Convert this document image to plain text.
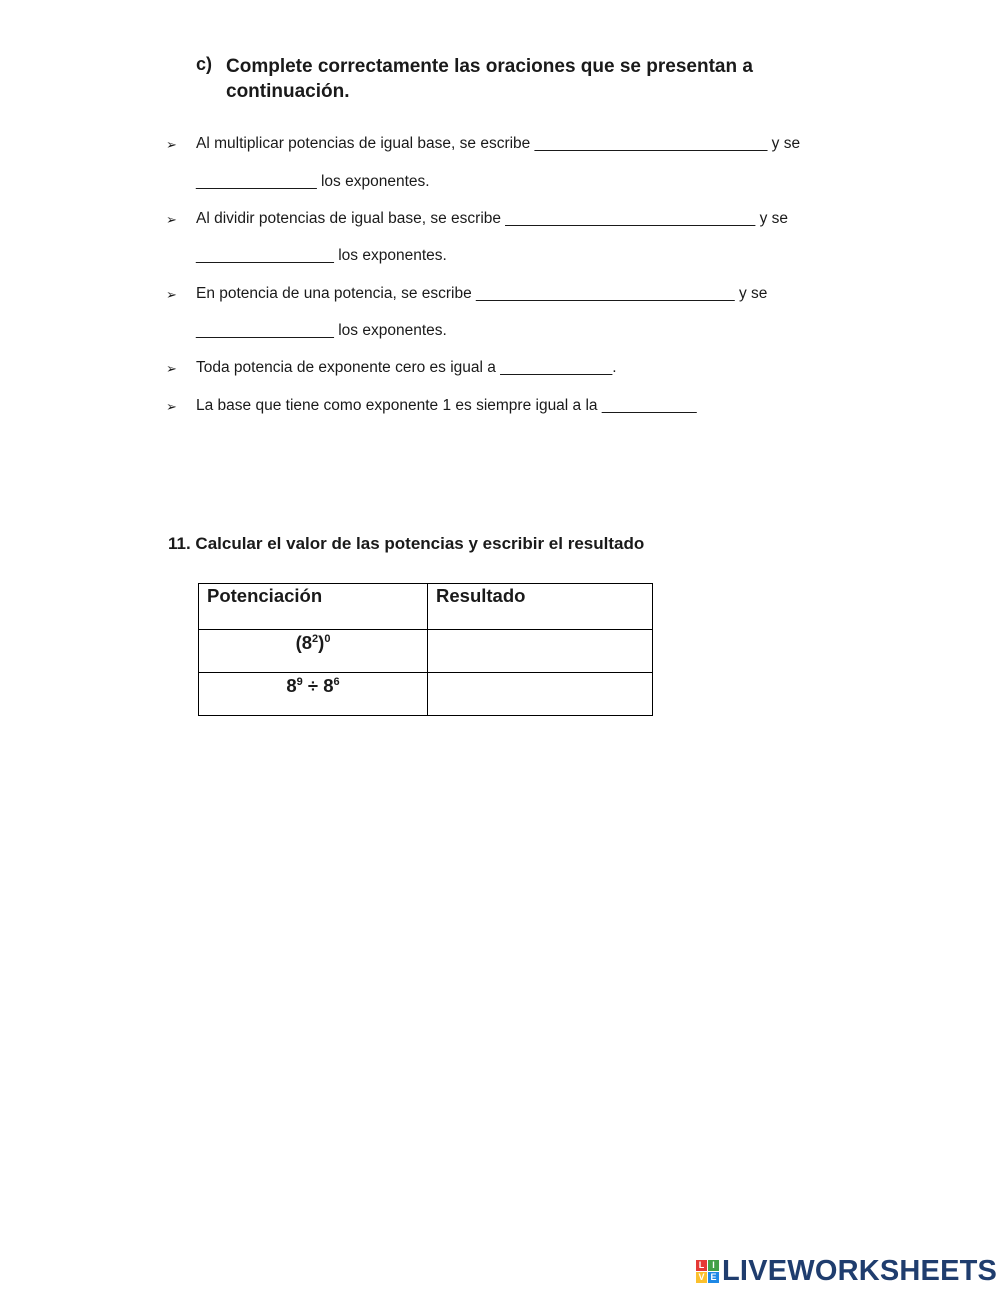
c) Complete correctamente las oraciones que se presentan a continuación.
➢ Al multiplicar potencias de igual base, se escribe ___________________________ y se
______________ los exponentes.
➢ Al dividir potencias de igual base, se escribe _____________________________ y se
________________ los exponentes.
➢ En potencia de una potencia, se escribe ______________________________ y se
________________ los exponentes.
➢ Toda potencia de exponente cero es igual a _____________.
➢ La base que tiene como exponente 1 es siempre igual a la ___________
11. Calcular el valor de las potencias y escribir el resultado
Potenciación	Resultado

$(8^2)^0$

$8^9 \div 8^6$

L I
V E LIVEWORKSHEETS
